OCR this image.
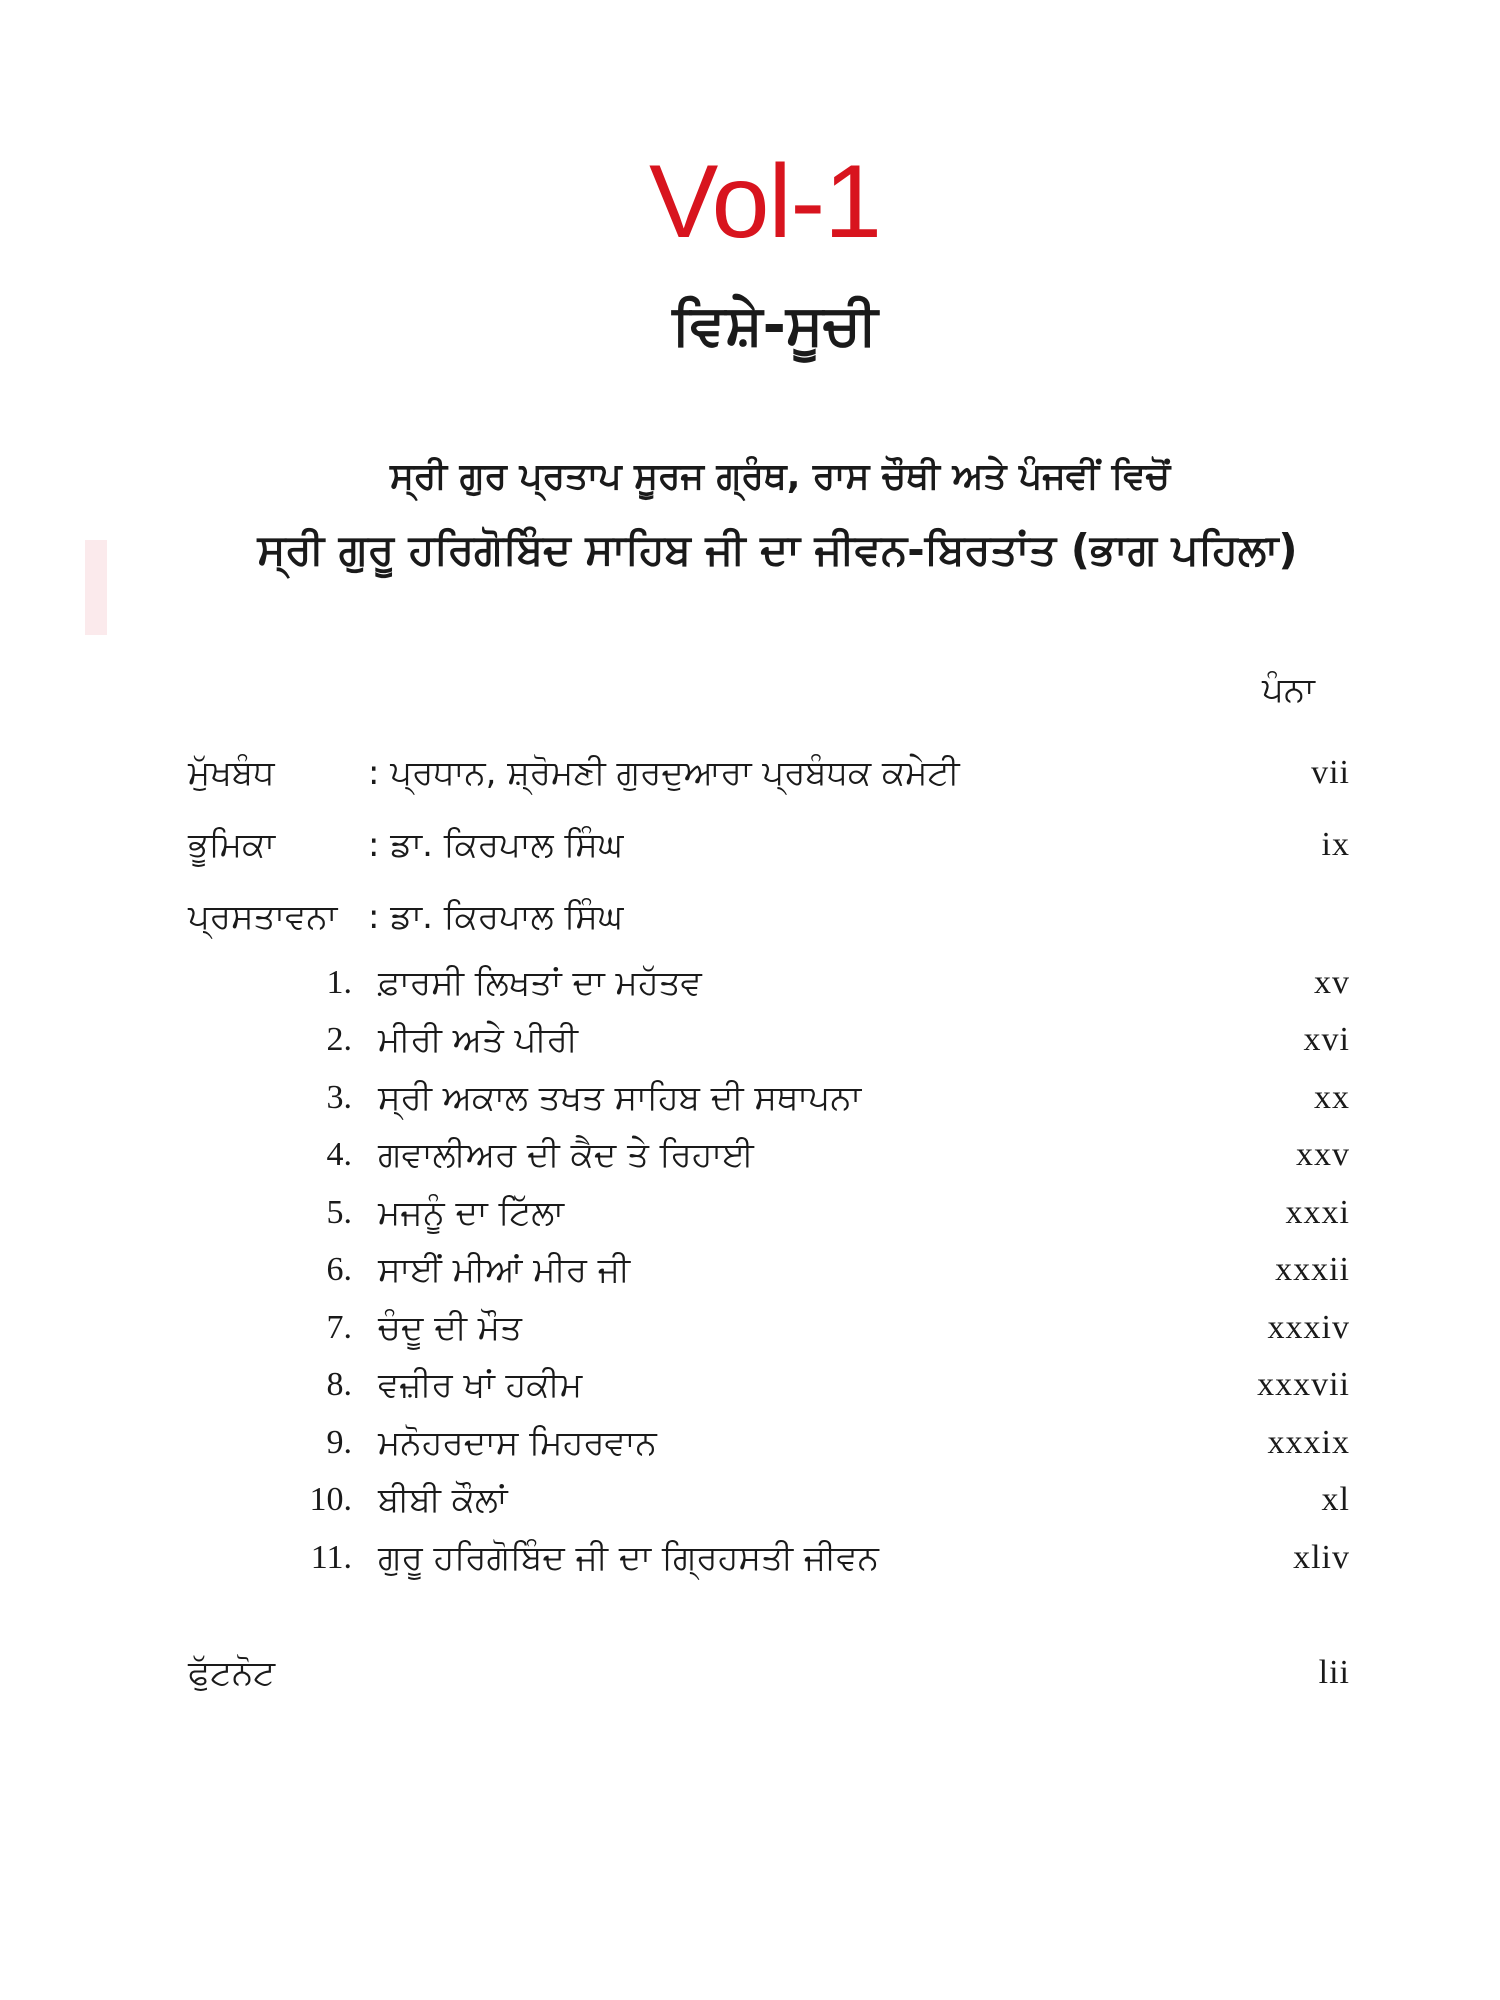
Vol-1
ਵਿਸ਼ੇ-ਸੂਚੀ
ਸ੍ਰੀ ਗੁਰ ਪ੍ਰਤਾਪ ਸੂਰਜ ਗ੍ਰੰਥ, ਰਾਸ ਚੌਥੀ ਅਤੇ ਪੰਜਵੀਂ ਵਿਚੋਂ
ਸ੍ਰੀ ਗੁਰੂ ਹਰਿਗੋਬਿੰਦ ਸਾਹਿਬ ਜੀ ਦਾ ਜੀਵਨ-ਬਿਰਤਾਂਤ (ਭਾਗ ਪਹਿਲਾ)
ਪੰਨਾ
ਮੁੱਖਬੰਧ	: ਪ੍ਰਧਾਨ, ਸ਼੍ਰੋਮਣੀ ਗੁਰਦੁਆਰਾ ਪ੍ਰਬੰਧਕ ਕਮੇਟੀ	vii
ਭੂਮਿਕਾ	: ਡਾ. ਕਿਰਪਾਲ ਸਿੰਘ	ix
ਪ੍ਰਸਤਾਵਨਾ : ਡਾ. ਕਿਰਪਾਲ ਸਿੰਘ
1. ਫ਼ਾਰਸੀ ਲਿਖਤਾਂ ਦਾ ਮਹੱਤਵ	xv
2. ਮੀਰੀ ਅਤੇ ਪੀਰੀ	xvi
3. ਸ੍ਰੀ ਅਕਾਲ ਤਖਤ ਸਾਹਿਬ ਦੀ ਸਥਾਪਨਾ	xx
4. ਗਵਾਲੀਅਰ ਦੀ ਕੈਦ ਤੇ ਰਿਹਾਈ	xxv
5. ਮਜਨੂੰ ਦਾ ਟਿੱਲਾ	xxxi
6. ਸਾਈਂ ਮੀਆਂ ਮੀਰ ਜੀ	xxxii
7. ਚੰਦੂ ਦੀ ਮੌਤ	xxxiv
8. ਵਜ਼ੀਰ ਖਾਂ ਹਕੀਮ	xxxvii
9. ਮਨੋਹਰਦਾਸ ਮਿਹਰਵਾਨ	xxxix
10. ਬੀਬੀ ਕੌਲਾਂ	xl
11. ਗੁਰੂ ਹਰਿਗੋਬਿੰਦ ਜੀ ਦਾ ਗ੍ਰਿਹਸਤੀ ਜੀਵਨ	xliv
ਫੁੱਟਨੋਟ	lii
